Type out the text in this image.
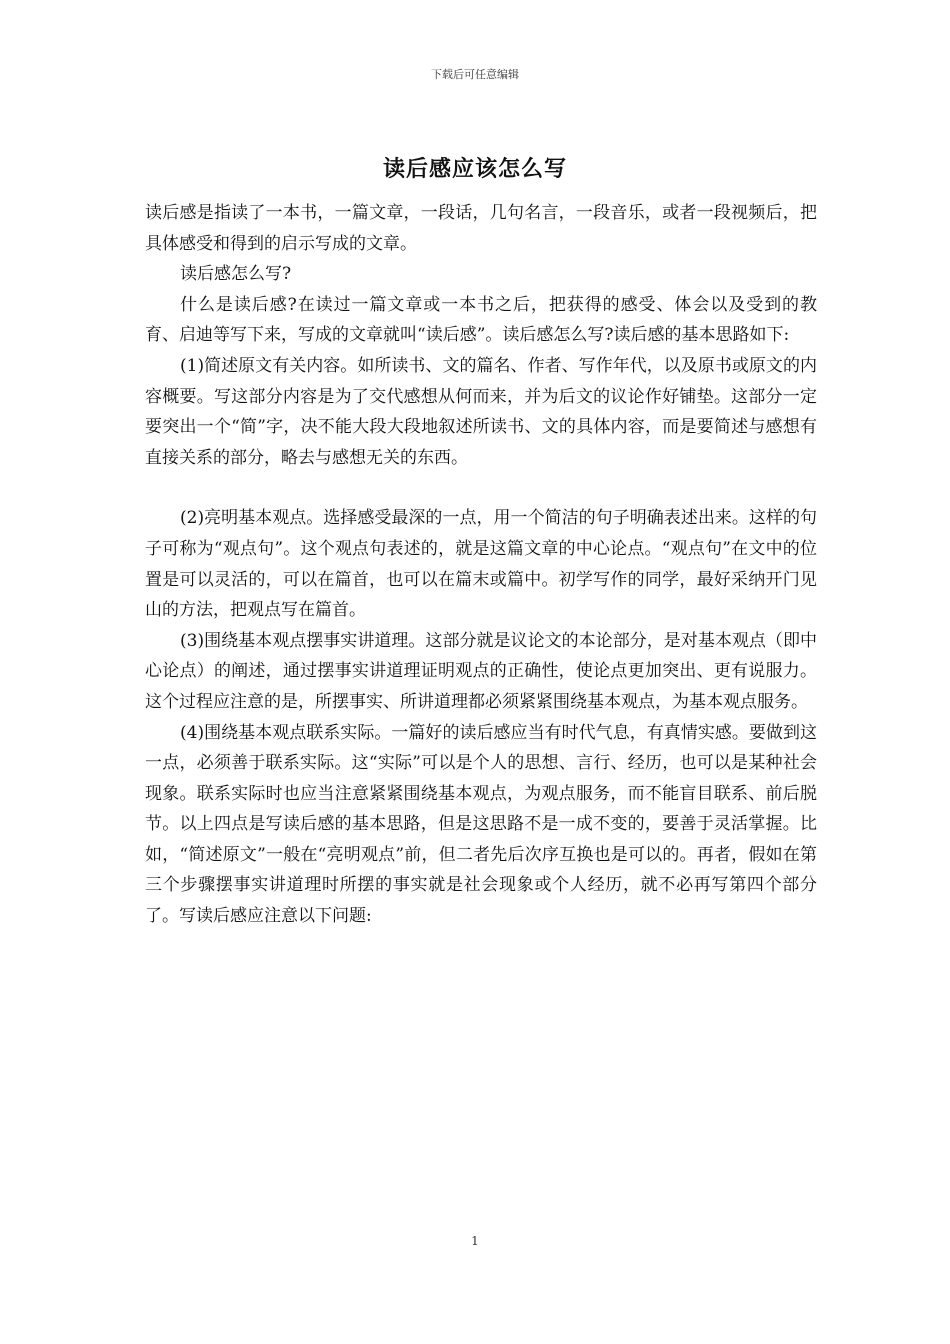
下载后可任意编辑
读后感应该怎么写

读后感是指读了一本书，一篇文章，一段话，几句名言，一段音乐，或者一段视频后，把具体感受和得到的启示写成的文章。

读后感怎么写?

什么是读后感?在读过一篇文章或一本书之后，把获得的感受、体会以及受到的教育、启迪等写下来，写成的文章就叫“读后感”。读后感怎么写?读后感的基本思路如下:

(1)简述原文有关内容。如所读书、文的篇名、作者、写作年代，以及原书或原文的内容概要。写这部分内容是为了交代感想从何而来，并为后文的议论作好铺垫。这部分一定要突出一个“简”字，决不能大段大段地叙述所读书、文的具体内容，而是要简述与感想有直接关系的部分，略去与感想无关的东西。

(2)亮明基本观点。选择感受最深的一点，用一个简洁的句子明确表述出来。这样的句子可称为“观点句”。这个观点句表述的，就是这篇文章的中心论点。“观点句”在文中的位置是可以灵活的，可以在篇首，也可以在篇末或篇中。初学写作的同学，最好采纳开门见山的方法，把观点写在篇首。

(3)围绕基本观点摆事实讲道理。这部分就是议论文的本论部分，是对基本观点（即中心论点）的阐述，通过摆事实讲道理证明观点的正确性，使论点更加突出、更有说服力。这个过程应注意的是，所摆事实、所讲道理都必须紧紧围绕基本观点，为基本观点服务。

(4)围绕基本观点联系实际。一篇好的读后感应当有时代气息，有真情实感。要做到这一点，必须善于联系实际。这“实际”可以是个人的思想、言行、经历，也可以是某种社会现象。联系实际时也应当注意紧紧围绕基本观点，为观点服务，而不能盲目联系、前后脱节。以上四点是写读后感的基本思路，但是这思路不是一成不变的，要善于灵活掌握。比如，“简述原文”一般在“亮明观点”前，但二者先后次序互换也是可以的。再者，假如在第三个步骤摆事实讲道理时所摆的事实就是社会现象或个人经历，就不必再写第四个部分了。写读后感应注意以下问题:

1
